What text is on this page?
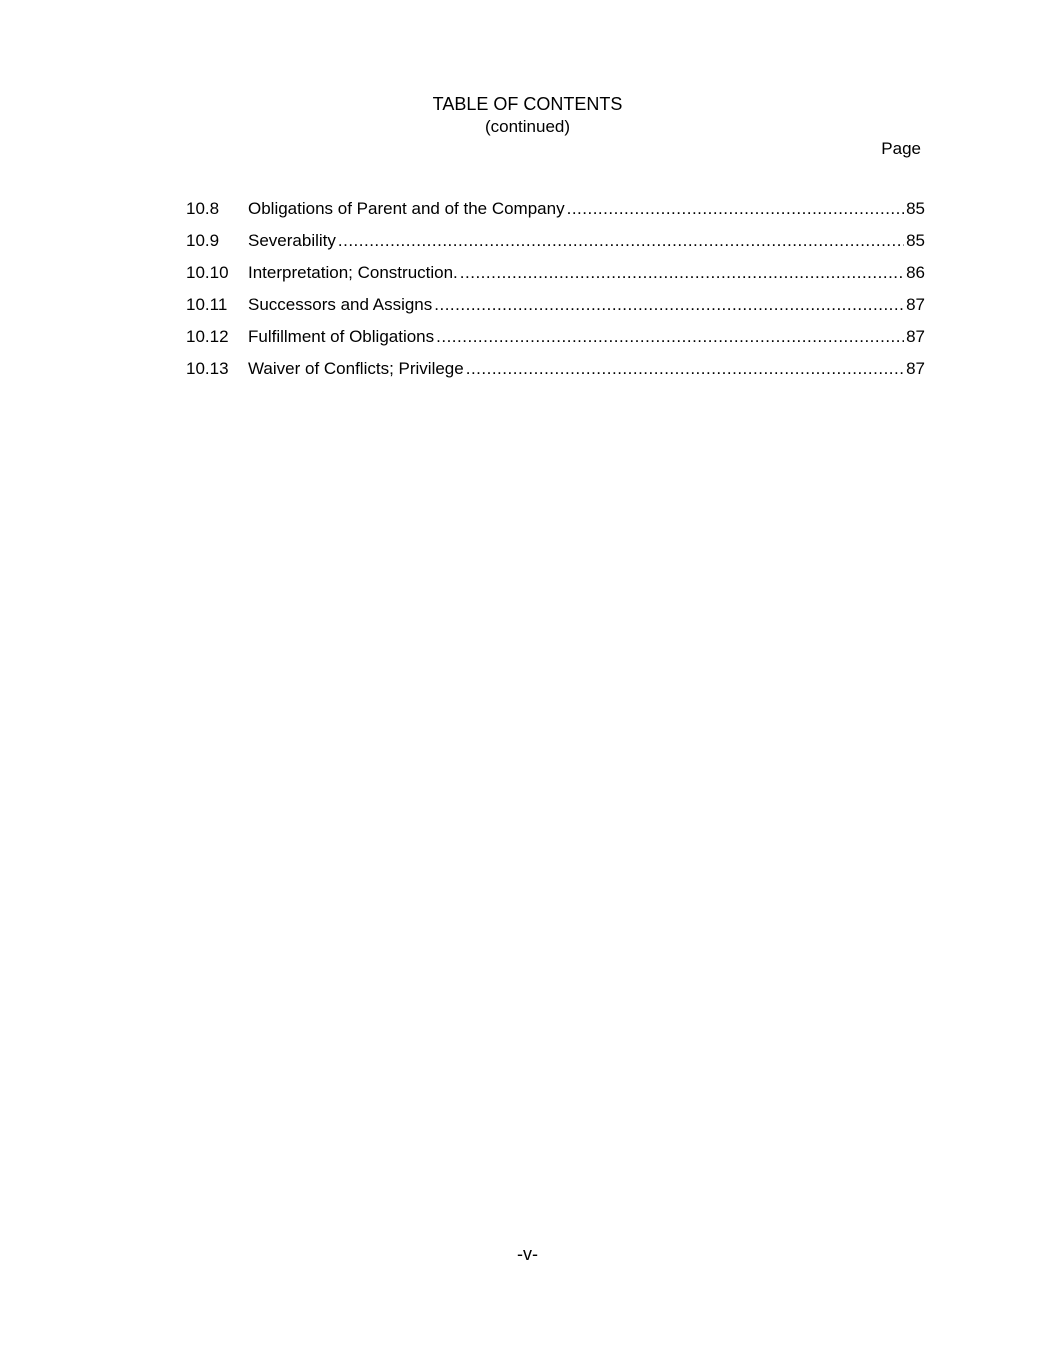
TABLE OF CONTENTS
(continued)
Page
10.8	Obligations of Parent and of the Company .....	85
10.9	Severability .....	85
10.10	Interpretation; Construction. .....	86
10.11	Successors and Assigns .....	87
10.12	Fulfillment of Obligations .....	87
10.13	Waiver of Conflicts; Privilege .....	87
-v-
